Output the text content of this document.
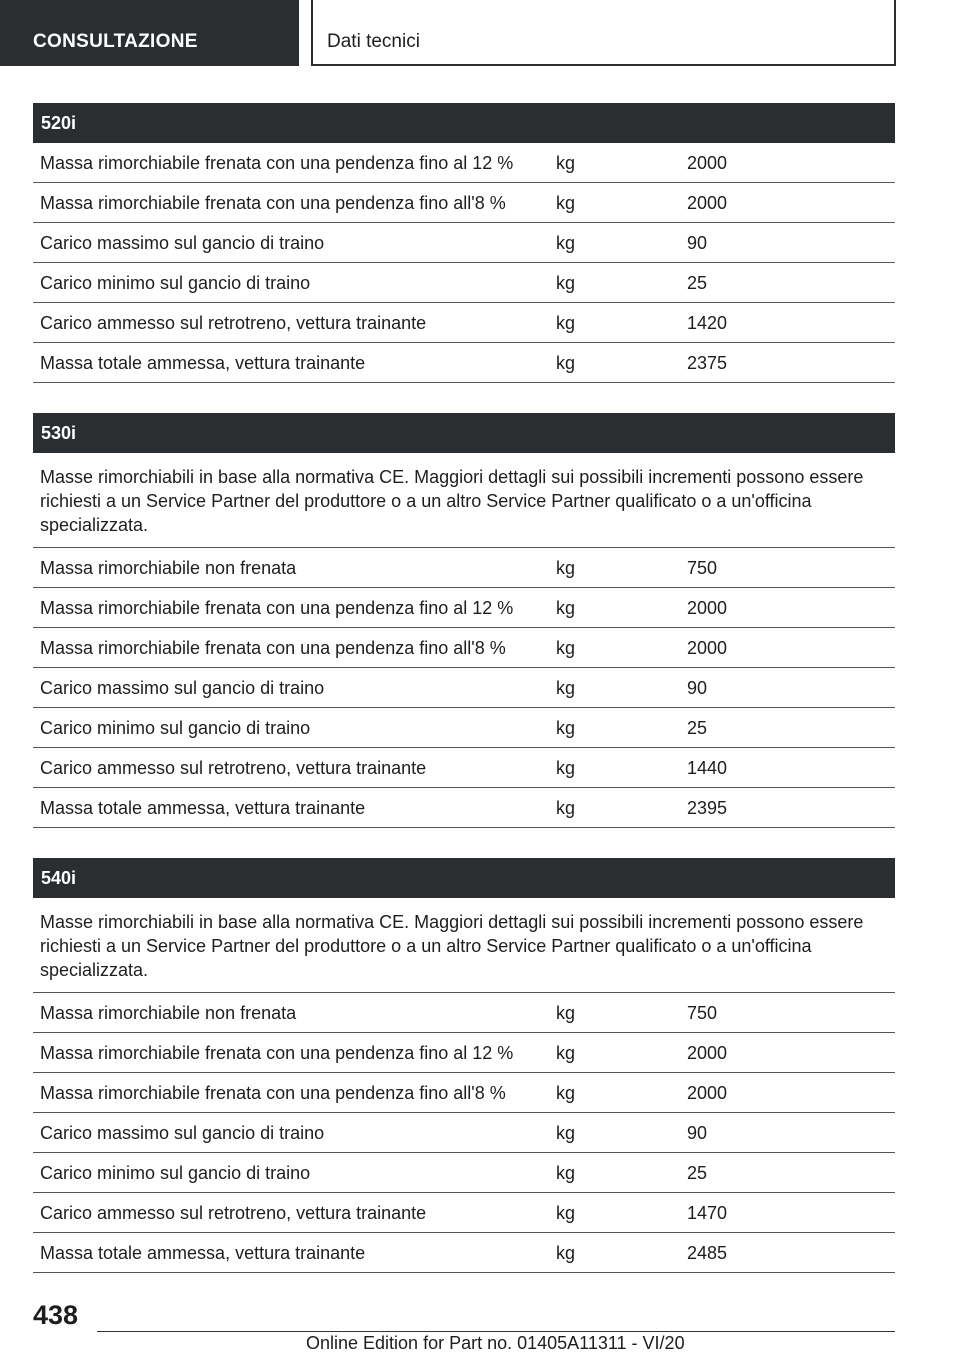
CONSULTAZIONE	Dati tecnici
520i
Massa rimorchiabile frenata con una pendenza fino al 12 %	kg	2000
Massa rimorchiabile frenata con una pendenza fino all'8 %	kg	2000
Carico massimo sul gancio di traino	kg	90
Carico minimo sul gancio di traino	kg	25
Carico ammesso sul retrotreno, vettura trainante	kg	1420
Massa totale ammessa, vettura trainante	kg	2375
530i
Masse rimorchiabili in base alla normativa CE. Maggiori dettagli sui possibili incrementi possono essere richiesti a un Service Partner del produttore o a un altro Service Partner qualificato o a un'officina specializzata.
Massa rimorchiabile non frenata	kg	750
Massa rimorchiabile frenata con una pendenza fino al 12 %	kg	2000
Massa rimorchiabile frenata con una pendenza fino all'8 %	kg	2000
Carico massimo sul gancio di traino	kg	90
Carico minimo sul gancio di traino	kg	25
Carico ammesso sul retrotreno, vettura trainante	kg	1440
Massa totale ammessa, vettura trainante	kg	2395
540i
Masse rimorchiabili in base alla normativa CE. Maggiori dettagli sui possibili incrementi possono essere richiesti a un Service Partner del produttore o a un altro Service Partner qualificato o a un'officina specializzata.
Massa rimorchiabile non frenata	kg	750
Massa rimorchiabile frenata con una pendenza fino al 12 %	kg	2000
Massa rimorchiabile frenata con una pendenza fino all'8 %	kg	2000
Carico massimo sul gancio di traino	kg	90
Carico minimo sul gancio di traino	kg	25
Carico ammesso sul retrotreno, vettura trainante	kg	1470
Massa totale ammessa, vettura trainante	kg	2485
438
Online Edition for Part no. 01405A11311 - VI/20
